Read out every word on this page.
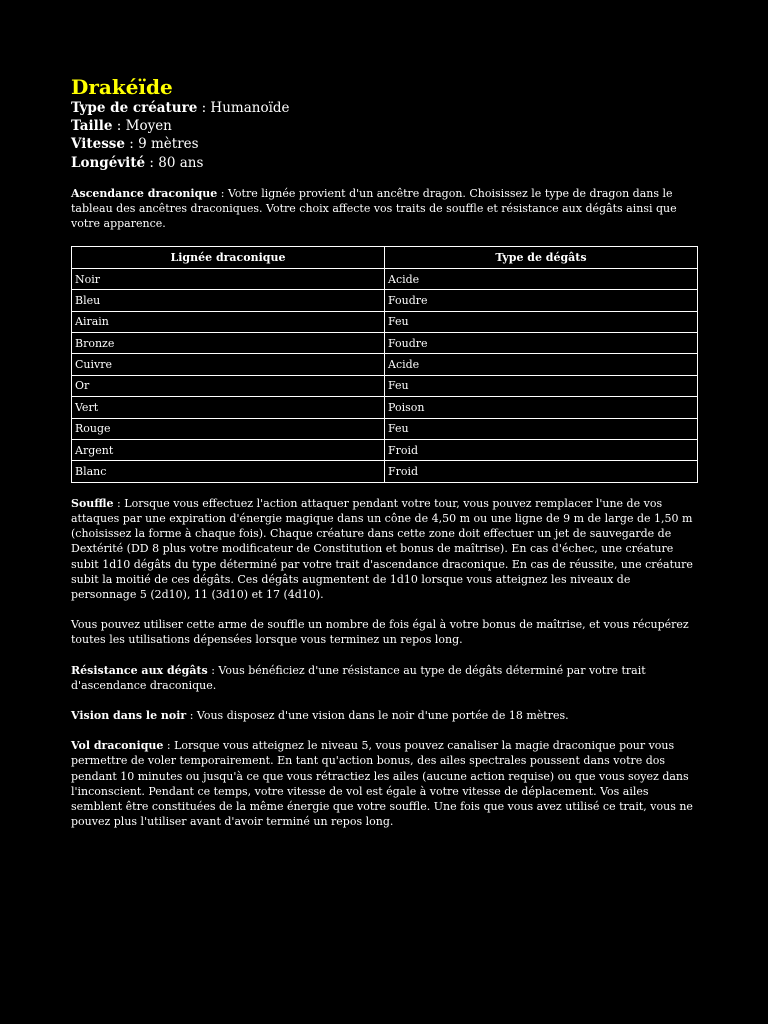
Drakéïde
Type de créature : Humanoïde
Taille : Moyen
Vitesse : 9 mètres
Longévité : 80 ans

Ascendance draconique : Votre lignée provient d'un ancêtre dragon. Choisissez le type de dragon dans le tableau des ancêtres draconiques. Votre choix affecte vos traits de souffle et résistance aux dégâts ainsi que votre apparence.

Lignée draconique	Type de dégâts
Noir	Acide
Bleu	Foudre
Airain	Feu
Bronze	Foudre
Cuivre	Acide
Or	Feu
Vert	Poison
Rouge	Feu
Argent	Froid
Blanc	Froid

Souffle : Lorsque vous effectuez l'action attaquer pendant votre tour, vous pouvez remplacer l'une de vos attaques par une expiration d'énergie magique dans un cône de 4,50 m ou une ligne de 9 m de large de 1,50 m (choisissez la forme à chaque fois). Chaque créature dans cette zone doit effectuer un jet de sauvegarde de Dextérité (DD 8 plus votre modificateur de Constitution et bonus de maîtrise). En cas d'échec, une créature subit 1d10 dégâts du type déterminé par votre trait d'ascendance draconique. En cas de réussite, une créature subit la moitié de ces dégâts. Ces dégâts augmentent de 1d10 lorsque vous atteignez les niveaux de personnage 5 (2d10), 11 (3d10) et 17 (4d10).

Vous pouvez utiliser cette arme de souffle un nombre de fois égal à votre bonus de maîtrise, et vous récupérez toutes les utilisations dépensées lorsque vous terminez un repos long.

Résistance aux dégâts : Vous bénéficiez d'une résistance au type de dégâts déterminé par votre trait d'ascendance draconique.

Vision dans le noir : Vous disposez d'une vision dans le noir d'une portée de 18 mètres.

Vol draconique : Lorsque vous atteignez le niveau 5, vous pouvez canaliser la magie draconique pour vous permettre de voler temporairement. En tant qu'action bonus, des ailes spectrales poussent dans votre dos pendant 10 minutes ou jusqu'à ce que vous rétractiez les ailes (aucune action requise) ou que vous soyez dans l'inconscient. Pendant ce temps, votre vitesse de vol est égale à votre vitesse de déplacement. Vos ailes semblent être constituées de la même énergie que votre souffle. Une fois que vous avez utilisé ce trait, vous ne pouvez plus l'utiliser avant d'avoir terminé un repos long.
